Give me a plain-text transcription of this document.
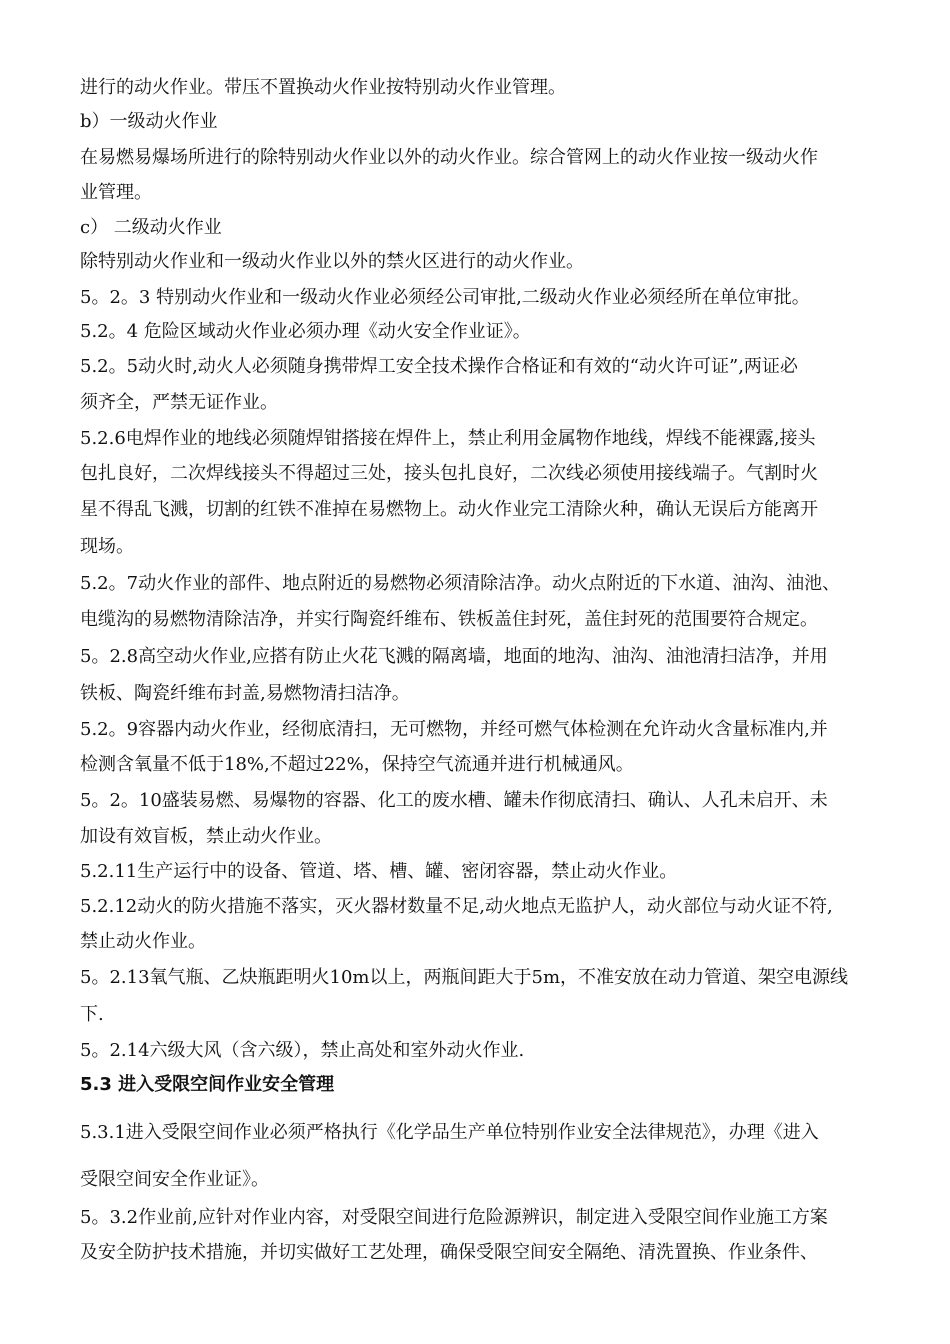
进行的动火作业。带压不置换动火作业按特别动火作业管理。
b）一级动火作业
在易燃易爆场所进行的除特别动火作业以外的动火作业。综合管网上的动火作业按一级动火作
业管理。
c） 二级动火作业
除特别动火作业和一级动火作业以外的禁火区进行的动火作业。
5。2。3 特别动火作业和一级动火作业必须经公司审批,二级动火作业必须经所在单位审批。
5.2。4 危险区域动火作业必须办理《动火安全作业证》。
5.2。5动火时,动火人必须随身携带焊工安全技术操作合格证和有效的“动火许可证”,两证必
须齐全，严禁无证作业。
5.2.6电焊作业的地线必须随焊钳搭接在焊件上，禁止利用金属物作地线，焊线不能裸露,接头
包扎良好，二次焊线接头不得超过三处，接头包扎良好，二次线必须使用接线端子。气割时火
星不得乱飞溅，切割的红铁不准掉在易燃物上。动火作业完工清除火种，确认无误后方能离开
现场。
5.2。7动火作业的部件、地点附近的易燃物必须清除洁净。动火点附近的下水道、油沟、油池、
电缆沟的易燃物清除洁净，并实行陶瓷纤维布、铁板盖住封死，盖住封死的范围要符合规定。
5。2.8高空动火作业,应搭有防止火花飞溅的隔离墙，地面的地沟、油沟、油池清扫洁净，并用
铁板、陶瓷纤维布封盖,易燃物清扫洁净。
5.2。9容器内动火作业，经彻底清扫，无可燃物，并经可燃气体检测在允许动火含量标准内,并
检测含氧量不低于18%,不超过22%，保持空气流通并进行机械通风。
5。2。10盛装易燃、易爆物的容器、化工的废水槽、罐未作彻底清扫、确认、人孔未启开、未
加设有效盲板，禁止动火作业。
5.2.11生产运行中的设备、管道、塔、槽、罐、密闭容器，禁止动火作业。
5.2.12动火的防火措施不落实，灭火器材数量不足,动火地点无监护人，动火部位与动火证不符,
禁止动火作业。
5。2.13氧气瓶、乙炔瓶距明火10m以上，两瓶间距大于5m，不准安放在动力管道、架空电源线
下.
5。2.14六级大风（含六级），禁止高处和室外动火作业.
5.3 进入受限空间作业安全管理
5.3.1进入受限空间作业必须严格执行《化学品生产单位特别作业安全法律规范》，办理《进入
受限空间安全作业证》。
5。3.2作业前,应针对作业内容，对受限空间进行危险源辨识，制定进入受限空间作业施工方案
及安全防护技术措施，并切实做好工艺处理，确保受限空间安全隔绝、清洗置换、作业条件、
